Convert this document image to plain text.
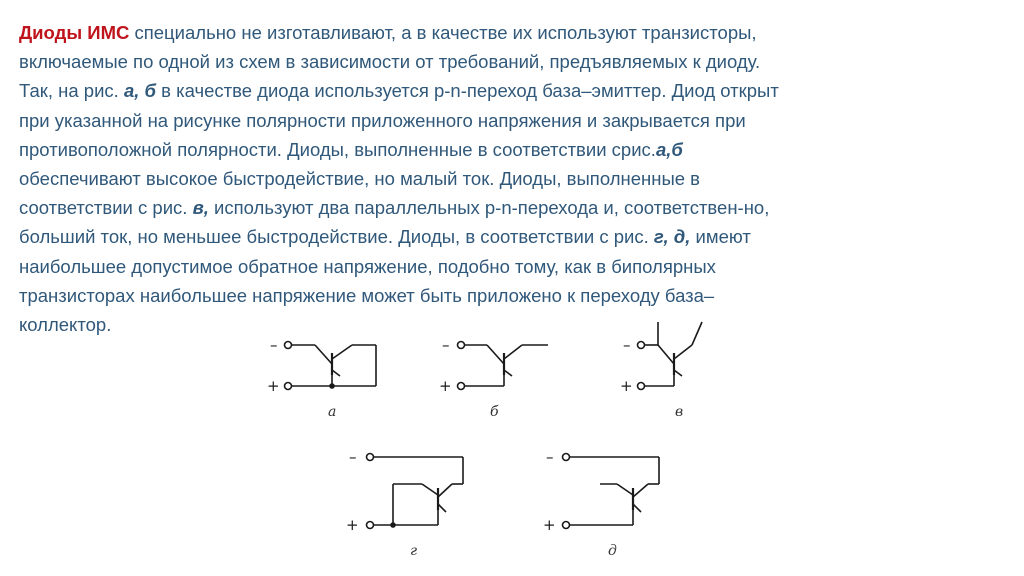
Диоды ИМС специально не изготавливают, а в качестве их используют транзисторы,
включаемые по одной из схем в зависимости от требований, предъявляемых к диоду.
Так, на рис. а, б в качестве диода используется p-n-переход база–эмиттер. Диод открыт
при указанной на рисунке полярности приложенного напряжения и закрывается при
противоположной полярности. Диоды, выполненные в соответствии срис.а,б
обеспечивают высокое быстродействие, но малый ток. Диоды, выполненные в
соответствии с рис. в, используют два параллельных p-n-перехода и, соответствен-но,
больший ток, но меньшее быстродействие. Диоды, в соответствии с рис. г, д, имеют
наибольшее допустимое обратное напряжение, подобно тому, как в биполярных
транзисторах наибольшее напряжение может быть приложено к переходу база–
коллектор.
–
+
а
–
+
б
–
+
в
–
+
г
–
+
д
